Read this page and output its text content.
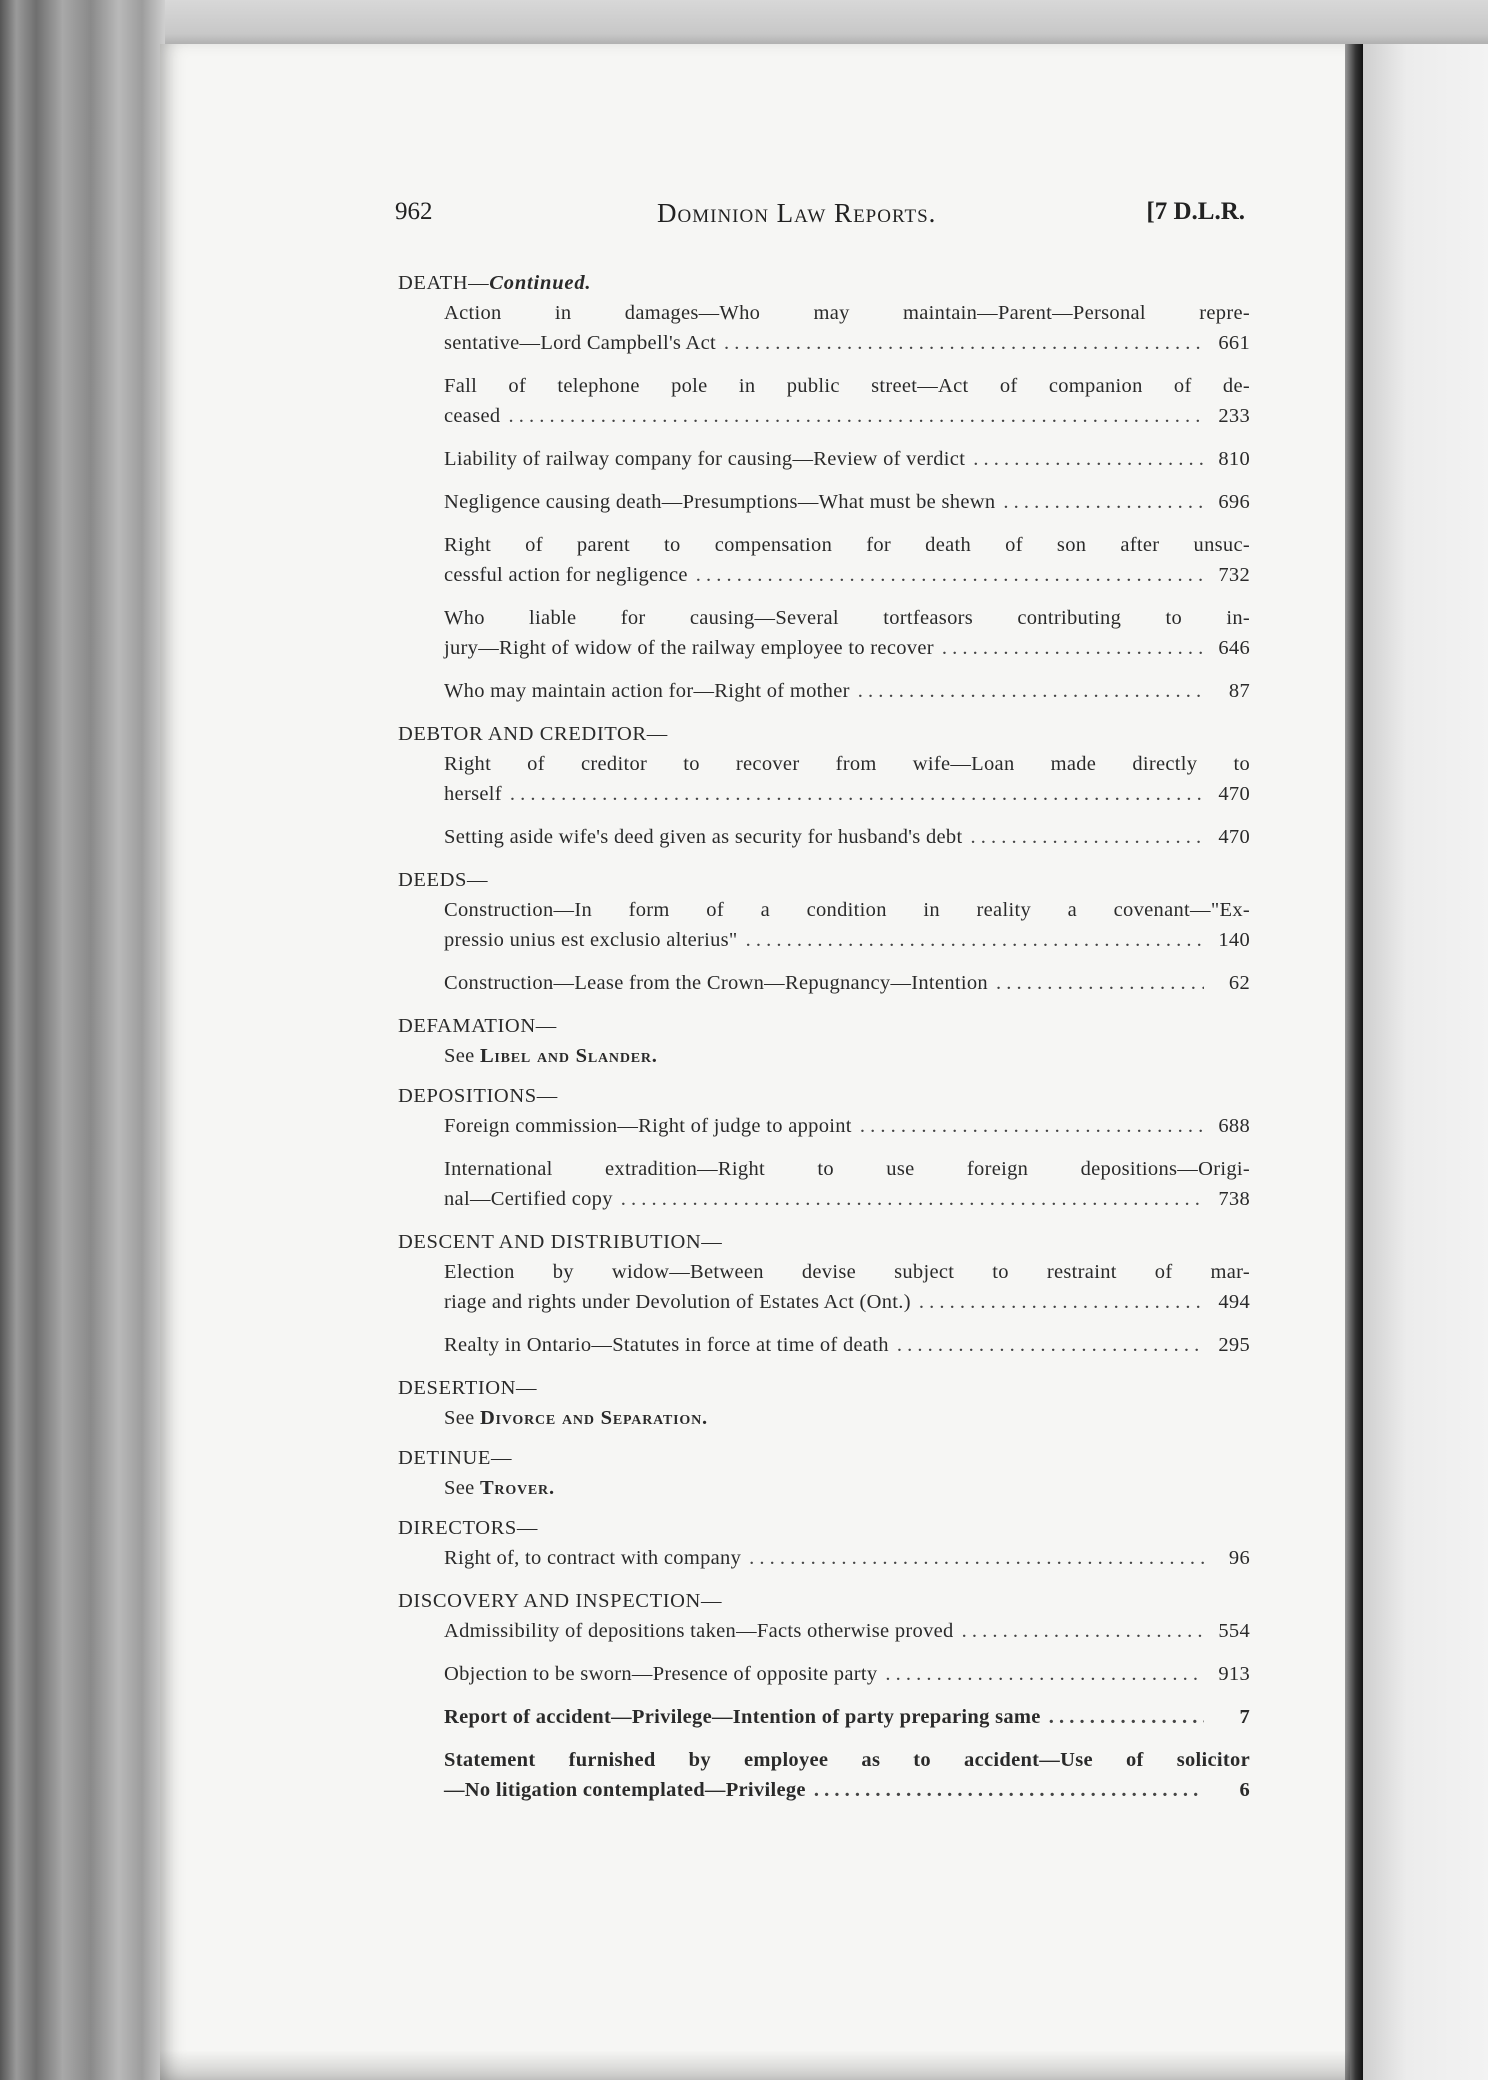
962	Dominion Law Reports.	[7 D.L.R.
DEATH—Continued.
Action in damages—Who may maintain—Parent—Personal repre-
sentative—Lord Campbell's Act . . .	661
Fall of telephone pole in public street—Act of companion of de-
ceased . . .	233
Liability of railway company for causing—Review of verdict . . .	810
Negligence causing death—Presumptions—What must be shewn . . .	696
Right of parent to compensation for death of son after unsuc-
cessful action for negligence . . .	732
Who liable for causing—Several tortfeasors contributing to in-
jury—Right of widow of the railway employee to recover . . .	646
Who may maintain action for—Right of mother . . .	87
DEBTOR AND CREDITOR—
Right of creditor to recover from wife—Loan made directly to
herself . . .	470
Setting aside wife's deed given as security for husband's debt . . .	470
DEEDS—
Construction—In form of a condition in reality a covenant—"Ex-
pressio unius est exclusio alterius" . . .	140
Construction—Lease from the Crown—Repugnancy—Intention . . .	62
DEFAMATION—
See Libel and Slander.
DEPOSITIONS—
Foreign commission—Right of judge to appoint . . .	688
International extradition—Right to use foreign depositions—Origi-
nal—Certified copy . . .	738
DESCENT AND DISTRIBUTION—
Election by widow—Between devise subject to restraint of mar-
riage and rights under Devolution of Estates Act (Ont.) . . .	494
Realty in Ontario—Statutes in force at time of death . . .	295
DESERTION—
See Divorce and Separation.
DETINUE—
See Trover.
DIRECTORS—
Right of, to contract with company . . .	96
DISCOVERY AND INSPECTION—
Admissibility of depositions taken—Facts otherwise proved . . .	554
Objection to be sworn—Presence of opposite party . . .	913
Report of accident—Privilege—Intention of party preparing same . . .	7
Statement furnished by employee as to accident—Use of solicitor
—No litigation contemplated—Privilege . . .	6
